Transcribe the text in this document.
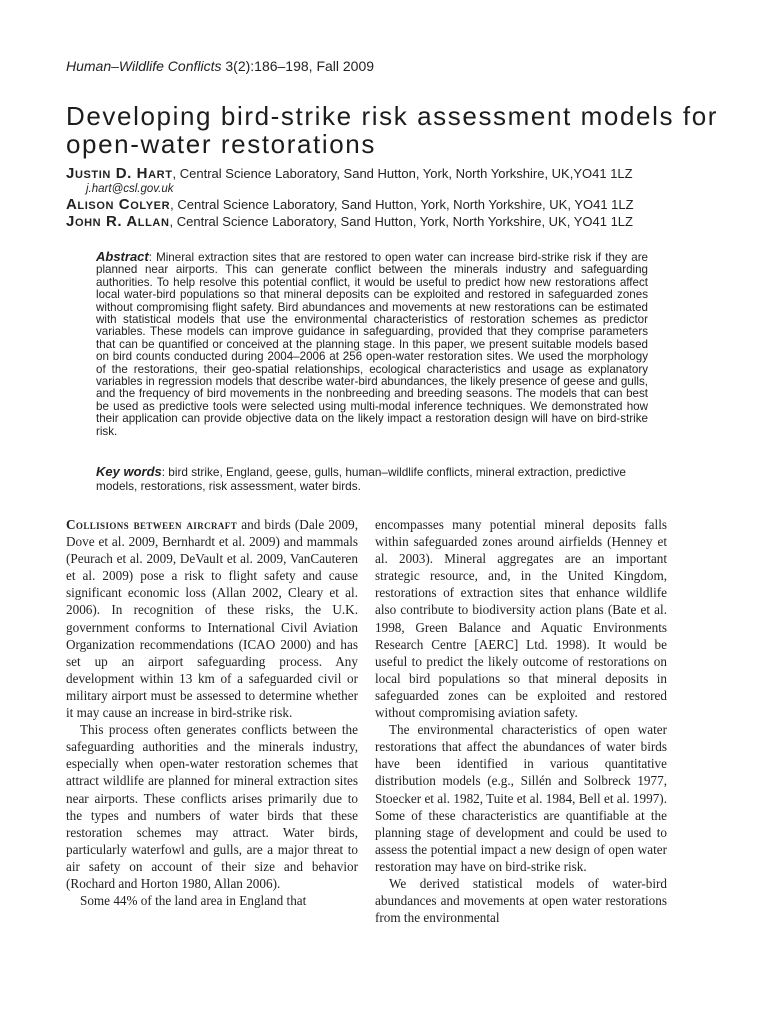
Human–Wildlife Conflicts 3(2):186–198, Fall 2009
Developing bird-strike risk assessment models for open-water restorations
Justin D. Hart, Central Science Laboratory, Sand Hutton, York, North Yorkshire, UK,YO41 1LZ
j.hart@csl.gov.uk
Alison Colyer, Central Science Laboratory, Sand Hutton, York, North Yorkshire, UK, YO41 1LZ
John R. Allan, Central Science Laboratory, Sand Hutton, York, North Yorkshire, UK, YO41 1LZ
Abstract: Mineral extraction sites that are restored to open water can increase bird-strike risk if they are planned near airports. This can generate conflict between the minerals industry and safeguarding authorities. To help resolve this potential conflict, it would be useful to predict how new restorations affect local water-bird populations so that mineral deposits can be exploited and restored in safeguarded zones without compromising flight safety. Bird abundances and movements at new restorations can be estimated with statistical models that use the environmental characteristics of restoration schemes as predictor variables. These models can improve guidance in safeguarding, provided that they comprise parameters that can be quantified or conceived at the planning stage. In this paper, we present suitable models based on bird counts conducted during 2004–2006 at 256 open-water restoration sites. We used the morphology of the restorations, their geo-spatial relationships, ecological characteristics and usage as explanatory variables in regression models that describe water-bird abundances, the likely presence of geese and gulls, and the frequency of bird movements in the nonbreeding and breeding seasons. The models that can best be used as predictive tools were selected using multi-modal inference techniques. We demonstrated how their application can provide objective data on the likely impact a restoration design will have on bird-strike risk.
Key words: bird strike, England, geese, gulls, human–wildlife conflicts, mineral extraction, predictive models, restorations, risk assessment, water birds.

Collisions between aircraft and birds (Dale 2009, Dove et al. 2009, Bernhardt et al. 2009) and mammals (Peurach et al. 2009, DeVault et al. 2009, VanCauteren et al. 2009) pose a risk to flight safety and cause significant economic loss (Allan 2002, Cleary et al. 2006). In recognition of these risks, the U.K. government conforms to International Civil Aviation Organization recommendations (ICAO 2000) and has set up an airport safeguarding process. Any development within 13 km of a safeguarded civil or military airport must be assessed to determine whether it may cause an increase in bird-strike risk.

This process often generates conflicts between the safeguarding authorities and the minerals industry, especially when open-water restoration schemes that attract wildlife are planned for mineral extraction sites near airports. These conflicts arises primarily due to the types and numbers of water birds that these restoration schemes may attract. Water birds, particularly waterfowl and gulls, are a major threat to air safety on account of their size and behavior (Rochard and Horton 1980, Allan 2006).

Some 44% of the land area in England that

encompasses many potential mineral deposits falls within safeguarded zones around airfields (Henney et al. 2003). Mineral aggregates are an important strategic resource, and, in the United Kingdom, restorations of extraction sites that enhance wildlife also contribute to biodiversity action plans (Bate et al. 1998, Green Balance and Aquatic Environments Research Centre [AERC] Ltd. 1998). It would be useful to predict the likely outcome of restorations on local bird populations so that mineral deposits in safeguarded zones can be exploited and restored without compromising aviation safety.

The environmental characteristics of open water restorations that affect the abundances of water birds have been identified in various quantitative distribution models (e.g., Sillén and Solbreck 1977, Stoecker et al. 1982, Tuite et al. 1984, Bell et al. 1997). Some of these characteristics are quantifiable at the planning stage of development and could be used to assess the potential impact a new design of open water restoration may have on bird-strike risk.

We derived statistical models of water-bird abundances and movements at open water restorations from the environmental
